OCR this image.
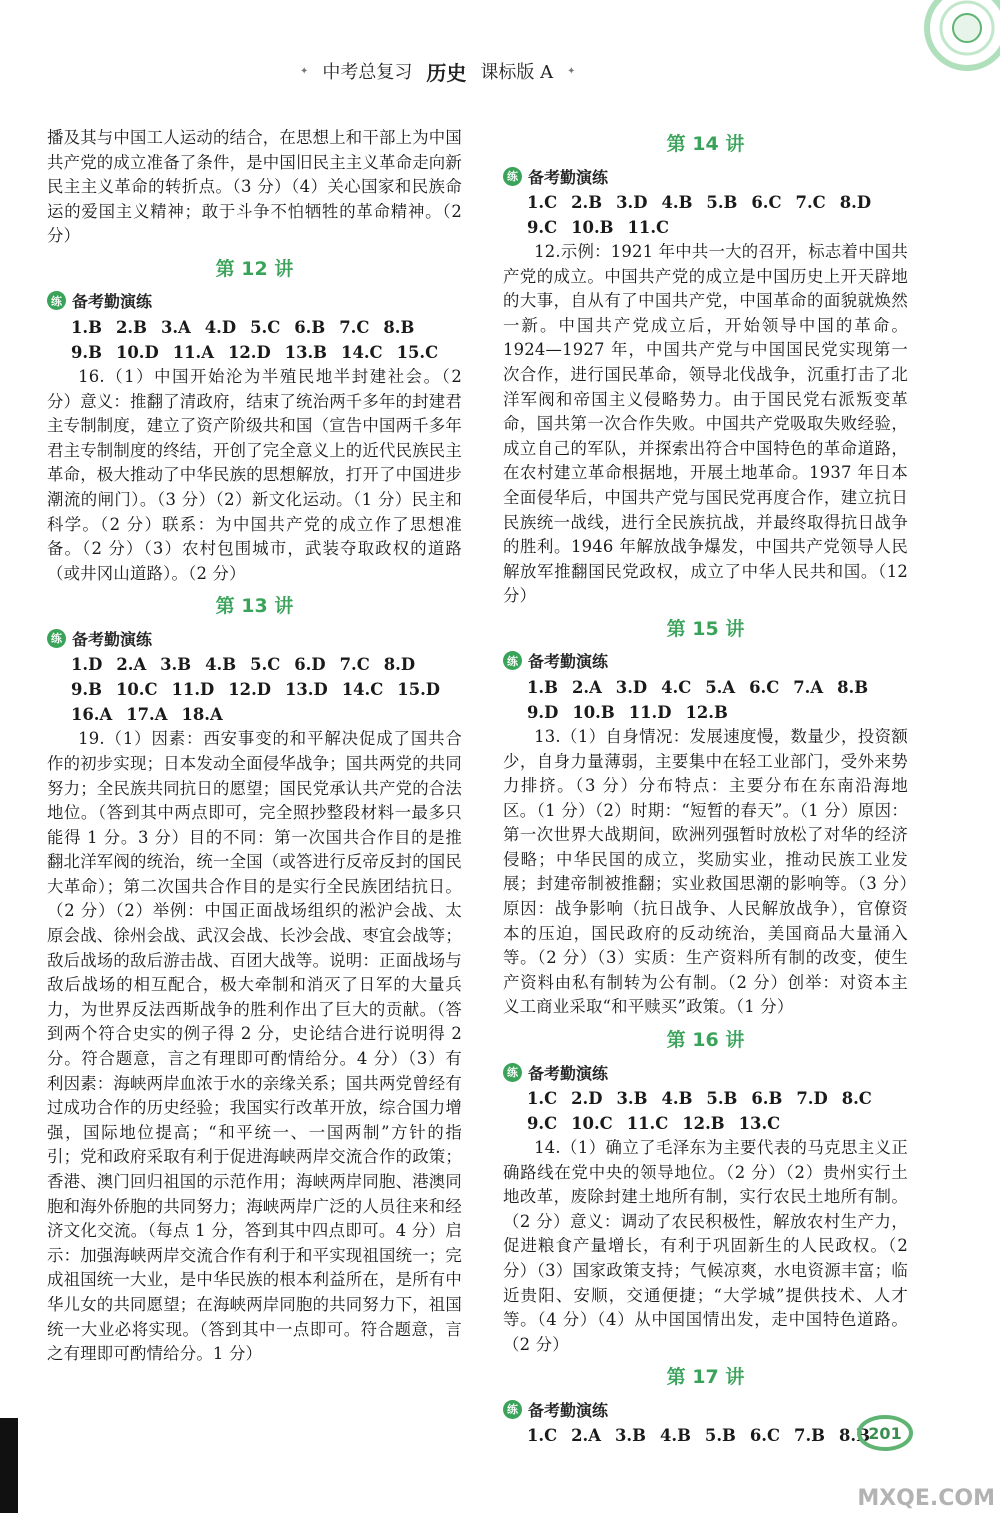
✦ 中考总复习 历史 课标版 A ✦

播及其与中国工人运动的结合，在思想上和干部上为中国共产党的成立准备了条件，是中国旧民主主义革命走向新民主主义革命的转折点。（3 分）（4）关心国家和民族命运的爱国主义精神；敢于斗争不怕牺牲的革命精神。（2 分）

第 12 讲
练 备考勤演练

1.B 2.B 3.A 4.D 5.C 6.B 7.C 8.B9.B 10.D 11.A 12.D 13.B 14.C 15.C

16.（1）中国开始沦为半殖民地半封建社会。（2 分）意义：推翻了清政府，结束了统治两千多年的封建君主专制制度，建立了资产阶级共和国（宣告中国两千多年君主专制制度的终结，开创了完全意义上的近代民族民主革命，极大推动了中华民族的思想解放，打开了中国进步潮流的闸门）。（3 分）（2）新文化运动。（1 分）民主和科学。（2 分）联系：为中国共产党的成立作了思想准备。（2 分）（3）农村包围城市，武装夺取政权的道路（或井冈山道路）。（2 分）

第 13 讲
练 备考勤演练

1.D 2.A 3.B 4.B 5.C 6.D 7.C 8.D9.B 10.C 11.D 12.D 13.D 14.C 15.D16.A 17.A 18.A

19.（1）因素：西安事变的和平解决促成了国共合作的初步实现；日本发动全面侵华战争；国共两党的共同努力；全民族共同抗日的愿望；国民党承认共产党的合法地位。（答到其中两点即可，完全照抄整段材料一最多只能得 1 分。3 分）目的不同：第一次国共合作目的是推翻北洋军阀的统治，统一全国（或答进行反帝反封的国民大革命）；第二次国共合作目的是实行全民族团结抗日。（2 分）（2）举例：中国正面战场组织的淞沪会战、太原会战、徐州会战、武汉会战、长沙会战、枣宜会战等；敌后战场的敌后游击战、百团大战等。说明：正面战场与敌后战场的相互配合，极大牵制和消灭了日军的大量兵力，为世界反法西斯战争的胜利作出了巨大的贡献。（答到两个符合史实的例子得 2 分，史论结合进行说明得 2 分。符合题意，言之有理即可酌情给分。4 分）（3）有利因素：海峡两岸血浓于水的亲缘关系；国共两党曾经有过成功合作的历史经验；我国实行改革开放，综合国力增强，国际地位提高；“和平统一、一国两制”方针的指引；党和政府采取有利于促进海峡两岸交流合作的政策；香港、澳门回归祖国的示范作用；海峡两岸同胞、港澳同胞和海外侨胞的共同努力；海峡两岸广泛的人员往来和经济文化交流。（每点 1 分，答到其中四点即可。4 分）启示：加强海峡两岸交流合作有利于和平实现祖国统一；完成祖国统一大业，是中华民族的根本利益所在，是所有中华儿女的共同愿望；在海峡两岸同胞的共同努力下，祖国统一大业必将实现。（答到其中一点即可。符合题意，言之有理即可酌情给分。1 分）

第 14 讲
练 备考勤演练

1.C 2.B 3.D 4.B 5.B 6.C 7.C 8.D9.C 10.B 11.C

12.示例：1921 年中共一大的召开，标志着中国共产党的成立。中国共产党的成立是中国历史上开天辟地的大事，自从有了中国共产党，中国革命的面貌就焕然一新。中国共产党成立后，开始领导中国的革命。1924—1927 年，中国共产党与中国国民党实现第一次合作，进行国民革命，领导北伐战争，沉重打击了北洋军阀和帝国主义侵略势力。由于国民党右派叛变革命，国共第一次合作失败。中国共产党吸取失败经验，成立自己的军队，并探索出符合中国特色的革命道路，在农村建立革命根据地，开展土地革命。1937 年日本全面侵华后，中国共产党与国民党再度合作，建立抗日民族统一战线，进行全民族抗战，并最终取得抗日战争的胜利。1946 年解放战争爆发，中国共产党领导人民解放军推翻国民党政权，成立了中华人民共和国。（12 分）

第 15 讲
练 备考勤演练

1.B 2.A 3.D 4.C 5.A 6.C 7.A 8.B9.D 10.B 11.D 12.B

13.（1）自身情况：发展速度慢，数量少，投资额少，自身力量薄弱，主要集中在轻工业部门，受外来势力排挤。（3 分）分布特点：主要分布在东南沿海地区。（1 分）（2）时期：“短暂的春天”。（1 分）原因：第一次世界大战期间，欧洲列强暂时放松了对华的经济侵略；中华民国的成立，奖励实业，推动民族工业发展；封建帝制被推翻；实业救国思潮的影响等。（3 分）原因：战争影响（抗日战争、人民解放战争），官僚资本的压迫，国民政府的反动统治，美国商品大量涌入等。（2 分）（3）实质：生产资料所有制的改变，使生产资料由私有制转为公有制。（2 分）创举：对资本主义工商业采取“和平赎买”政策。（1 分）

第 16 讲
练 备考勤演练

1.C 2.D 3.B 4.B 5.B 6.B 7.D 8.C9.C 10.C 11.C 12.B 13.C

14.（1）确立了毛泽东为主要代表的马克思主义正确路线在党中央的领导地位。（2 分）（2）贵州实行土地改革，废除封建土地所有制，实行农民土地所有制。（2 分）意义：调动了农民积极性，解放农村生产力，促进粮食产量增长，有利于巩固新生的人民政权。（2 分）（3）国家政策支持；气候凉爽，水电资源丰富；临近贵阳、安顺，交通便捷；“大学城”提供技术、人才等。（4 分）（4）从中国国情出发，走中国特色道路。（2 分）

第 17 讲
练 备考勤演练

1.C 2.A 3.B 4.B 5.B 6.C 7.B 8.B

201
MXQE.COM
